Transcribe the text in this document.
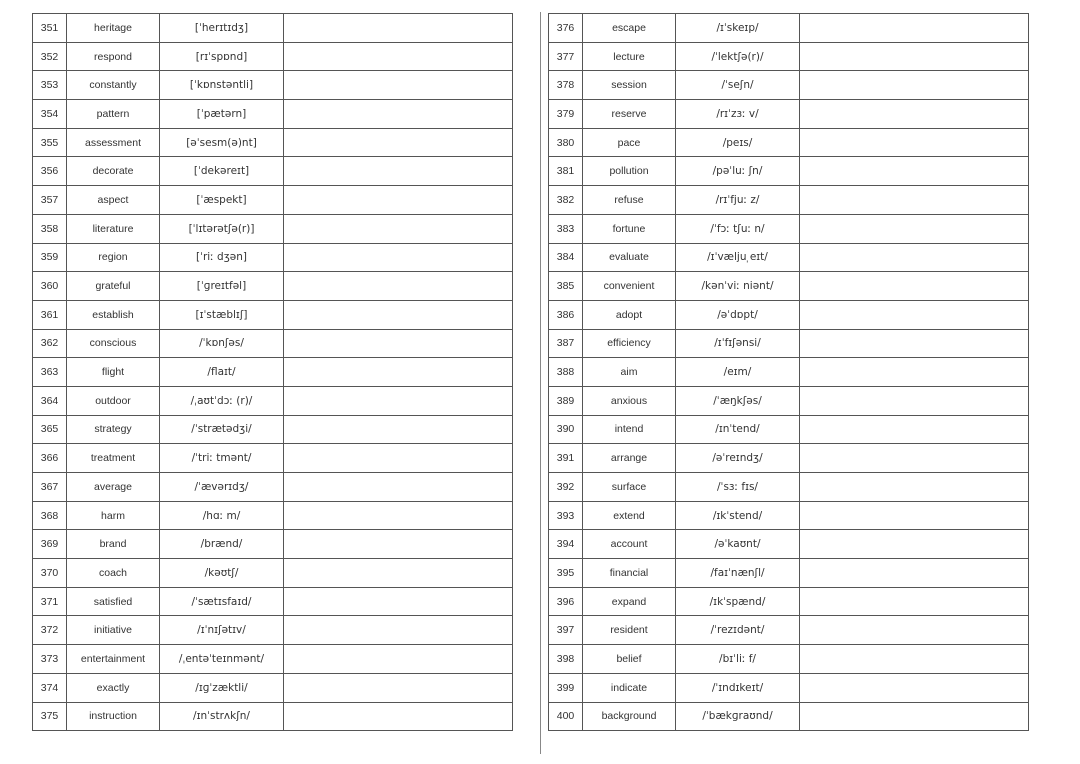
351	heritage	[ˈherɪtɪdʒ]	
352	respond	[rɪˈspɒnd]	
353	constantly	[ˈkɒnstəntli]	
354	pattern	[ˈpætərn]	
355	assessment	[əˈsesm(ə)nt]	
356	decorate	[ˈdekəreɪt]	
357	aspect	[ˈæspekt]	
358	literature	[ˈlɪtərətʃə(r)]	
359	region	[ˈriː dʒən]	
360	grateful	[ˈɡreɪtfəl]	
361	establish	[ɪˈstæblɪʃ]	
362	conscious	/ˈkɒnʃəs/	
363	flight	/flaɪt/	
364	outdoor	/ˌaʊtˈdɔː (r)/	
365	strategy	/ˈstrætədʒi/	
366	treatment	/ˈtriː tmənt/	
367	average	/ˈævərɪdʒ/	
368	harm	/hɑː m/	
369	brand	/brænd/	
370	coach	/kəʊtʃ/	
371	satisfied	/ˈsætɪsfaɪd/	
372	initiative	/ɪˈnɪʃətɪv/	
373	entertainment	/ˌentəˈteɪnmənt/	
374	exactly	/ɪɡˈzæktli/	
375	instruction	/ɪnˈstrʌkʃn/	
376	escape	/ɪˈskeɪp/	
377	lecture	/ˈlektʃə(r)/	
378	session	/ˈseʃn/	
379	reserve	/rɪˈzɜː v/	
380	pace	/peɪs/	
381	pollution	/pəˈluː ʃn/	
382	refuse	/rɪˈfjuː z/	
383	fortune	/ˈfɔː tʃuː n/	
384	evaluate	/ɪˈvælju ̩eɪt/	
385	convenient	/kənˈviː niənt/	
386	adopt	/əˈdɒpt/	
387	efficiency	/ɪˈfɪʃənsi/	
388	aim	/eɪm/	
389	anxious	/ˈæŋkʃəs/	
390	intend	/ɪnˈtend/	
391	arrange	/əˈreɪndʒ/	
392	surface	/ˈsɜː fɪs/	
393	extend	/ɪkˈstend/	
394	account	/əˈkaʊnt/	
395	financial	/faɪˈnænʃl/	
396	expand	/ɪkˈspænd/	
397	resident	/ˈrezɪdənt/	
398	belief	/bɪˈliː f/	
399	indicate	/ˈɪndɪkeɪt/	
400	background	/ˈbækɡraʊnd/	
